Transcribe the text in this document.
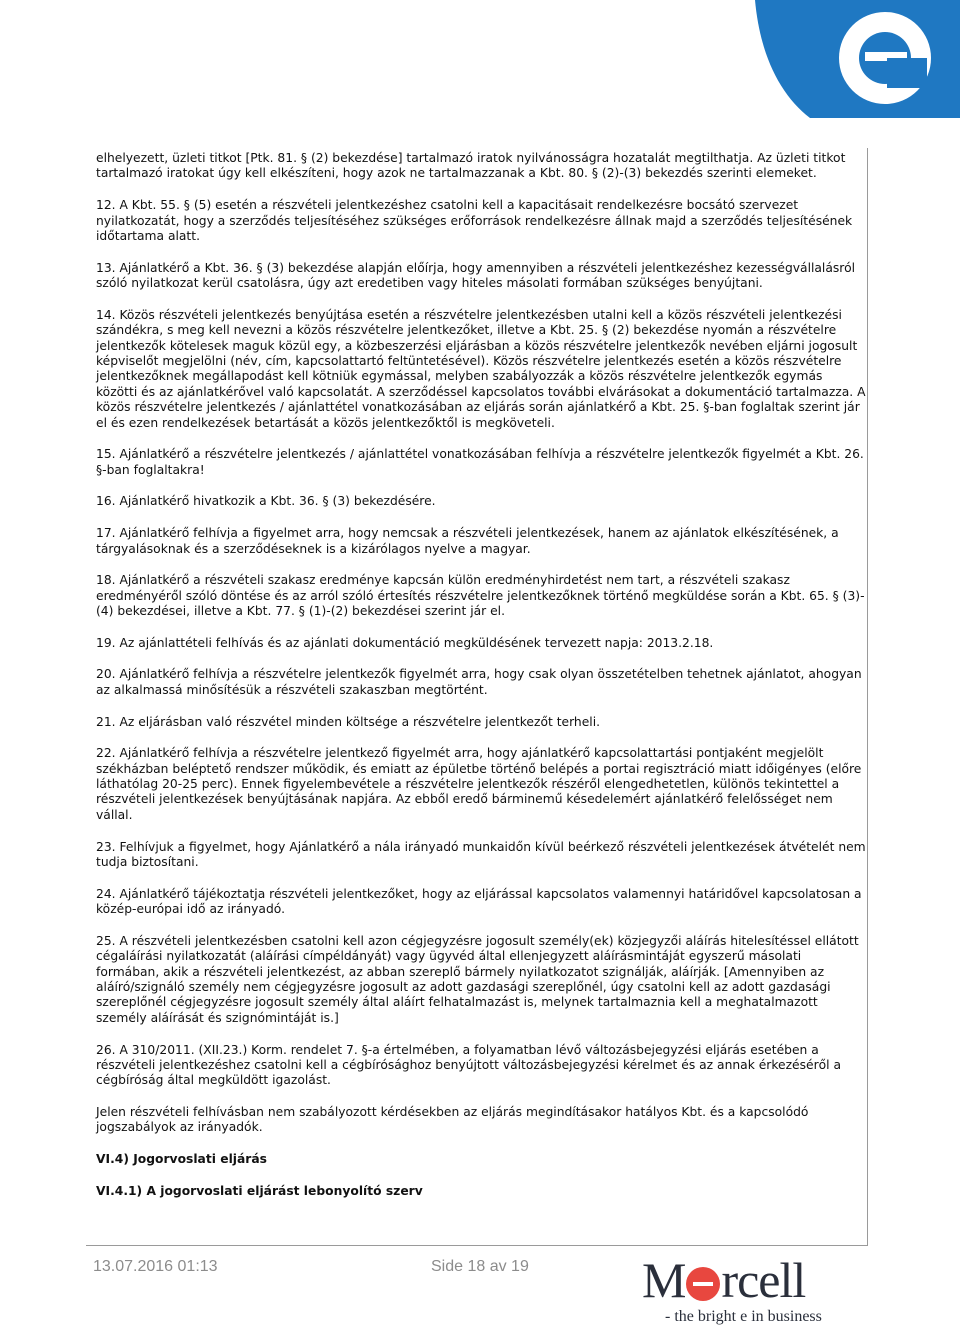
elhelyezett, üzleti titkot [Ptk. 81. § (2) bekezdése] tartalmazó iratok nyilvánosságra hozatalát megtilthatja. Az üzleti titkot tartalmazó iratokat úgy kell elkészíteni, hogy azok ne tartalmazzanak a Kbt. 80. § (2)-(3) bekezdés szerinti elemeket.

12. A Kbt. 55. § (5) esetén a részvételi jelentkezéshez csatolni kell a kapacitásait rendelkezésre bocsátó szervezet nyilatkozatát, hogy a szerződés teljesítéséhez szükséges erőforrások rendelkezésre állnak majd a szerződés teljesítésének időtartama alatt.

13. Ajánlatkérő a Kbt. 36. § (3) bekezdése alapján előírja, hogy amennyiben a részvételi jelentkezéshez kezességvállalásról szóló nyilatkozat kerül csatolásra, úgy azt eredetiben vagy hiteles másolati formában szükséges benyújtani.

14. Közös részvételi jelentkezés benyújtása esetén a részvételre jelentkezésben utalni kell a közös részvételi jelentkezési szándékra, s meg kell nevezni a közös részvételre jelentkezőket, illetve a Kbt. 25. § (2) bekezdése nyomán a részvételre jelentkezők kötelesek maguk közül egy, a közbeszerzési eljárásban a közös részvételre jelentkezők nevében eljárni jogosult képviselőt megjelölni (név, cím, kapcsolattartó feltüntetésével). Közös részvételre jelentkezés esetén a közös részvételre jelentkezőknek megállapodást kell kötniük egymással, melyben szabályozzák a közös részvételre jelentkezők egymás közötti és az ajánlatkérővel való kapcsolatát. A szerződéssel kapcsolatos további elvárásokat a dokumentáció tartalmazza. A közös részvételre jelentkezés / ajánlattétel vonatkozásában az eljárás során ajánlatkérő a Kbt. 25. §-ban foglaltak szerint jár el és ezen rendelkezések betartását a közös jelentkezőktől is megköveteli.

15. Ajánlatkérő a részvételre jelentkezés / ajánlattétel vonatkozásában felhívja a részvételre jelentkezők figyelmét a Kbt. 26. §-ban foglaltakra!

16. Ajánlatkérő hivatkozik a Kbt. 36. § (3) bekezdésére.

17. Ajánlatkérő felhívja a figyelmet arra, hogy nemcsak a részvételi jelentkezések, hanem az ajánlatok elkészítésének, a tárgyalásoknak és a szerződéseknek is a kizárólagos nyelve a magyar.

18. Ajánlatkérő a részvételi szakasz eredménye kapcsán külön eredményhirdetést nem tart, a részvételi szakasz eredményéről szóló döntése és az arról szóló értesítés részvételre jelentkezőknek történő megküldése során a Kbt. 65. § (3)-(4) bekezdései, illetve a Kbt. 77. § (1)-(2) bekezdései szerint jár el.

19. Az ajánlattételi felhívás és az ajánlati dokumentáció megküldésének tervezett napja: 2013.2.18.

20. Ajánlatkérő felhívja a részvételre jelentkezők figyelmét arra, hogy csak olyan összetételben tehetnek ajánlatot, ahogyan az alkalmassá minősítésük a részvételi szakaszban megtörtént.

21. Az eljárásban való részvétel minden költsége a részvételre jelentkezőt terheli.

22. Ajánlatkérő felhívja a részvételre jelentkező figyelmét arra, hogy ajánlatkérő kapcsolattartási pontjaként megjelölt székházban beléptető rendszer működik, és emiatt az épületbe történő belépés a portai regisztráció miatt időigényes (előre láthatólag 20-25 perc). Ennek figyelembevétele a részvételre jelentkezők részéről elengedhetetlen, különös tekintettel a részvételi jelentkezések benyújtásának napjára. Az ebből eredő bárminemű késedelemért ajánlatkérő felelősséget nem vállal.

23. Felhívjuk a figyelmet, hogy Ajánlatkérő a nála irányadó munkaidőn kívül beérkező részvételi jelentkezések átvételét nem tudja biztosítani.

24. Ajánlatkérő tájékoztatja részvételi jelentkezőket, hogy az eljárással kapcsolatos valamennyi határidővel kapcsolatosan a közép-európai idő az irányadó.

25. A részvételi jelentkezésben csatolni kell azon cégjegyzésre jogosult személy(ek) közjegyzői aláírás hitelesítéssel ellátott cégaláírási nyilatkozatát (aláírási címpéldányát) vagy ügyvéd által ellenjegyzett aláírásmintáját egyszerű másolati formában, akik a részvételi jelentkezést, az abban szereplő bármely nyilatkozatot szignálják, aláírják. [Amennyiben az aláíró/szignáló személy nem cégjegyzésre jogosult az adott gazdasági szereplőnél, úgy csatolni kell az adott gazdasági szereplőnél cégjegyzésre jogosult személy által aláírt felhatalmazást is, melynek tartalmaznia kell a meghatalmazott személy aláírását és szignómintáját is.]

26. A 310/2011. (XII.23.) Korm. rendelet 7. §-a értelmében, a folyamatban lévő változásbejegyzési eljárás esetében a részvételi jelentkezéshez csatolni kell a cégbírósághoz benyújtott változásbejegyzési kérelmet és az annak érkezéséről a cégbíróság által megküldött igazolást.

Jelen részvételi felhívásban nem szabályozott kérdésekben az eljárás megindításakor hatályos Kbt. és a kapcsolódó jogszabályok az irányadók.

VI.4) Jogorvoslati eljárás

VI.4.1) A jogorvoslati eljárást lebonyolító szerv

13.07.2016 01:13	Side 18 av 19 M rcell
- the bright e in business
